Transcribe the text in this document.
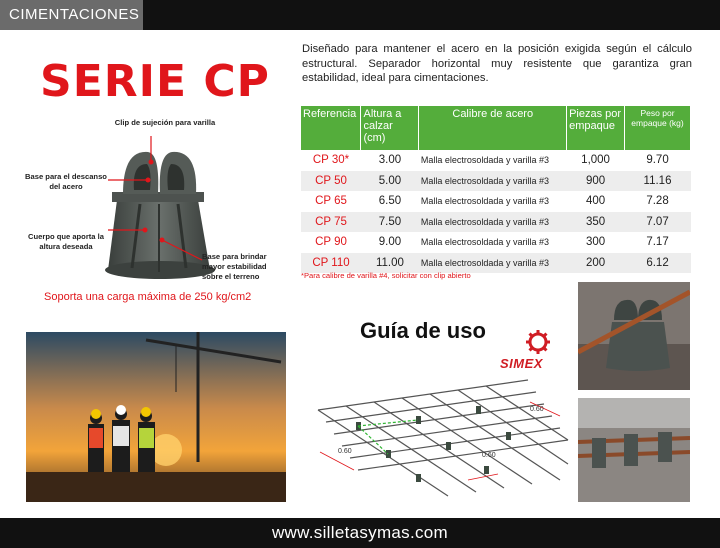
CIMENTACIONES
SERIE CP
Diseñado para mantener el acero en la posición exigida según el cálculo estructural. Separador horizontal muy resistente que garantiza gran estabilidad, ideal para cimentaciones.
Clip de sujeción para varilla
Base para el descanso del acero
Cuerpo que aporta la altura deseada
Base para brindar mayor estabilidad sobre el terreno
Soporta una carga máxima de 250 kg/cm2
Referencia	Altura a calzar (cm)	Calibre de acero	Piezas por empaque	Peso por empaque (kg)
CP 30*	3.00	Malla electrosoldada y varilla #3	1,000	9.70
CP 50	5.00	Malla electrosoldada y varilla #3	900	11.16
CP 65	6.50	Malla electrosoldada y varilla #3	400	7.28
CP 75	7.50	Malla electrosoldada y varilla #3	350	7.07
CP 90	9.00	Malla electrosoldada y varilla #3	300	7.17
CP 110	11.00	Malla electrosoldada y varilla #3	200	6.12
*Para calibre de varilla #4, solicitar con clip abierto
Guía de uso
SIMEX
0.60
0.60
0.60
www.silletasymas.com
